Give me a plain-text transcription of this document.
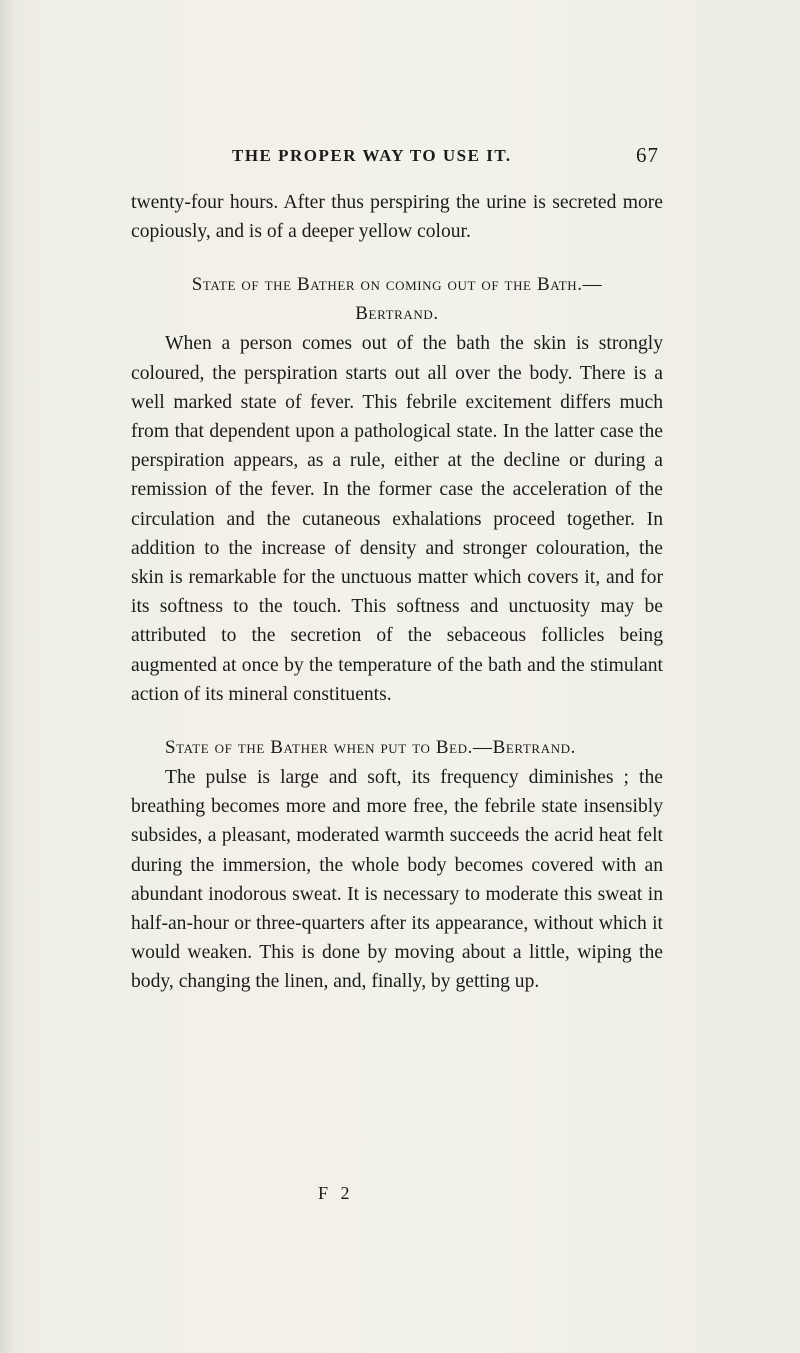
THE PROPER WAY TO USE IT.	67

twenty-four hours. After thus perspiring the urine is secreted more copiously, and is of a deeper yellow colour.

State of the Bather on coming out of the Bath.—
Bertrand.

When a person comes out of the bath the skin is strongly coloured, the perspiration starts out all over the body. There is a well marked state of fever. This febrile excitement differs much from that dependent upon a pathological state. In the latter case the perspiration appears, as a rule, either at the decline or during a remission of the fever. In the former case the acceleration of the circulation and the cutaneous exhalations proceed together. In addition to the increase of density and stronger colouration, the skin is remarkable for the unctuous matter which covers it, and for its softness to the touch. This softness and unctuosity may be attributed to the secretion of the sebaceous follicles being augmented at once by the temperature of the bath and the stimulant action of its mineral constituents.

State of the Bather when put to Bed.—Bertrand.

The pulse is large and soft, its frequency diminishes ; the breathing becomes more and more free, the febrile state insensibly subsides, a pleasant, moderated warmth succeeds the acrid heat felt during the immersion, the whole body becomes covered with an abundant inodorous sweat. It is necessary to moderate this sweat in half-an-hour or three-quarters after its appearance, without which it would weaken. This is done by moving about a little, wiping the body, changing the linen, and, finally, by getting up.

F 2
